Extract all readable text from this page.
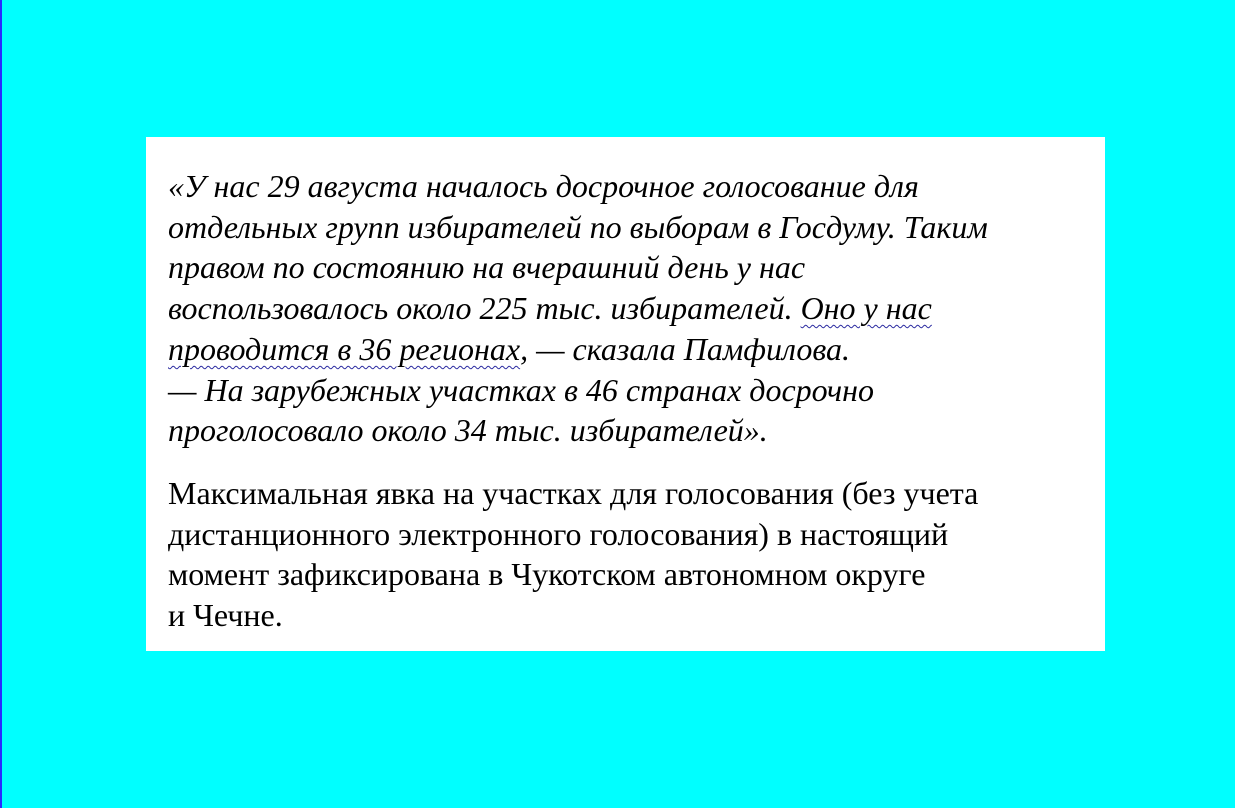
«У нас 29 августа началось досрочное голосование для
отдельных групп избирателей по выборам в Госдуму. Таким
правом по состоянию на вчерашний день у нас
воспользовалось около 225 тыс. избирателей. Оно у нас
проводится в 36 регионах, — сказала Памфилова.
— На зарубежных участках в 46 странах досрочно
проголосовало около 34 тыс. избирателей».
Максимальная явка на участках для голосования (без учета
дистанционного электронного голосования) в настоящий
момент зафиксирована в Чукотском автономном округе
и Чечне.
